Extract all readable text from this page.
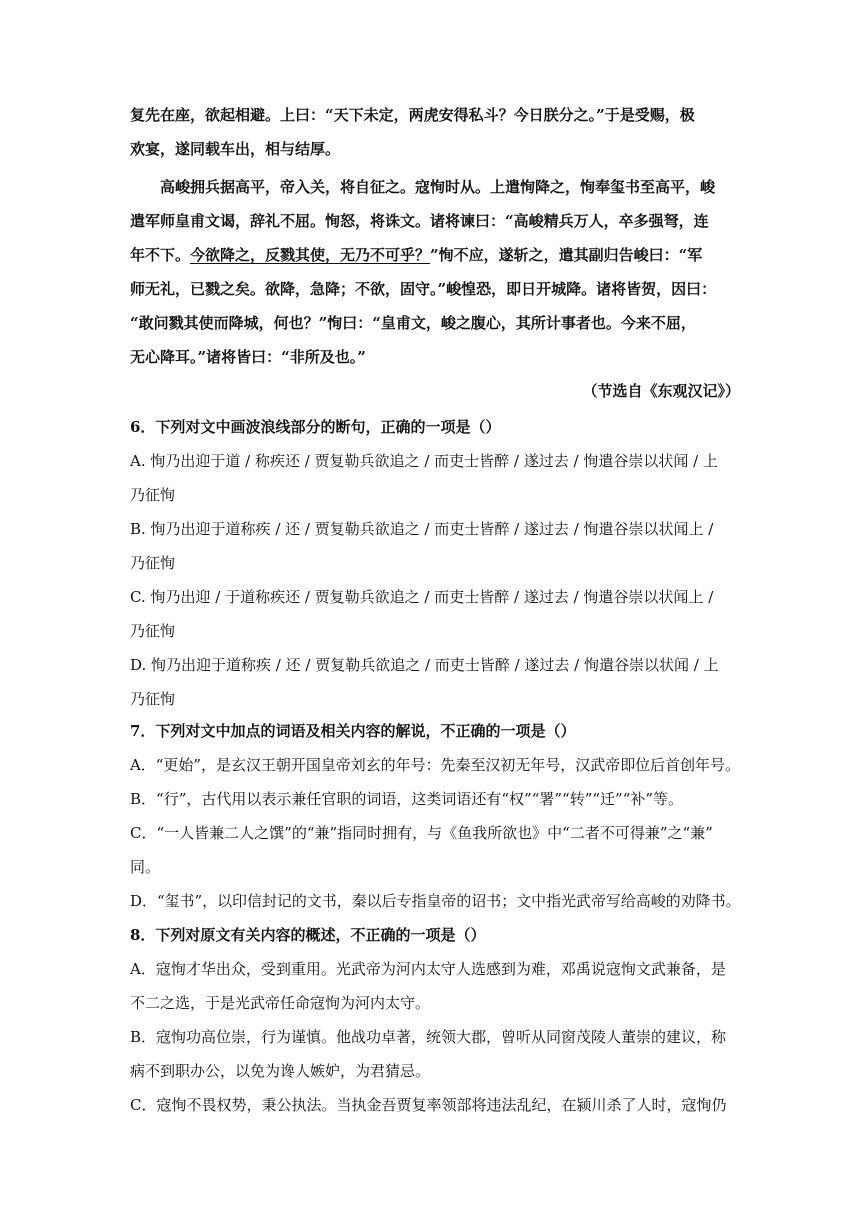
复先在座，欲起相避。上曰：“天下未定，两虎安得私斗？今日朕分之。”于是受赐，极
欢宴，遂同载车出，相与结厚。
高峻拥兵据高平，帝入关，将自征之。寇恂时从。上遣恂降之，恂奉玺书至高平，峻
遣军师皇甫文谒，辞礼不屈。恂怒，将诛文。诸将谏曰：“高峻精兵万人，卒多强弩，连
年不下。今欲降之，反戮其使，无乃不可乎？”恂不应，遂斩之，遣其副归告峻曰：“军
师无礼，已戮之矣。欲降，急降；不欲，固守。”峻惶恐，即日开城降。诸将皆贺，因曰：
“敢问戮其使而降城，何也？”恂曰：“皇甫文，峻之腹心，其所计事者也。今来不屈，
无心降耳。”诸将皆曰：“非所及也。”
（节选自《东观汉记》）
6．下列对文中画波浪线部分的断句，正确的一项是（）
A. 恂乃出迎于道 / 称疾还 / 贾复勒兵欲追之 / 而吏士皆醉 / 遂过去 / 恂遣谷崇以状闻 / 上
乃征恂
B. 恂乃出迎于道称疾 / 还 / 贾复勒兵欲追之 / 而吏士皆醉 / 遂过去 / 恂遣谷崇以状闻上 /
乃征恂
C. 恂乃出迎 / 于道称疾还 / 贾复勒兵欲追之 / 而吏士皆醉 / 遂过去 / 恂遣谷崇以状闻上 /
乃征恂
D. 恂乃出迎于道称疾 / 还 / 贾复勒兵欲追之 / 而吏士皆醉 / 遂过去 / 恂遣谷崇以状闻 / 上
乃征恂
7．下列对文中加点的词语及相关内容的解说，不正确的一项是（）
A．“更始”，是玄汉王朝开国皇帝刘玄的年号：先秦至汉初无年号，汉武帝即位后首创年号。
B．“行”，古代用以表示兼任官职的词语，这类词语还有“权”“署”“转”“迁”“补”等。
C．“一人皆兼二人之馔”的“兼”指同时拥有，与《鱼我所欲也》中“二者不可得兼”之“兼”
同。
D．“玺书”，以印信封记的文书，秦以后专指皇帝的诏书；文中指光武帝写给高峻的劝降书。
8．下列对原文有关内容的概述，不正确的一项是（）
A．寇恂才华出众，受到重用。光武帝为河内太守人选感到为难，邓禹说寇恂文武兼备，是
不二之选，于是光武帝任命寇恂为河内太守。
B．寇恂功高位崇，行为谨慎。他战功卓著，统领大郡，曾听从同窗茂陵人董崇的建议，称
病不到职办公，以免为谗人嫉妒，为君猜忌。
C．寇恂不畏权势，秉公执法。当执金吾贾复率领部将违法乱纪，在颍川杀了人时，寇恂仍
